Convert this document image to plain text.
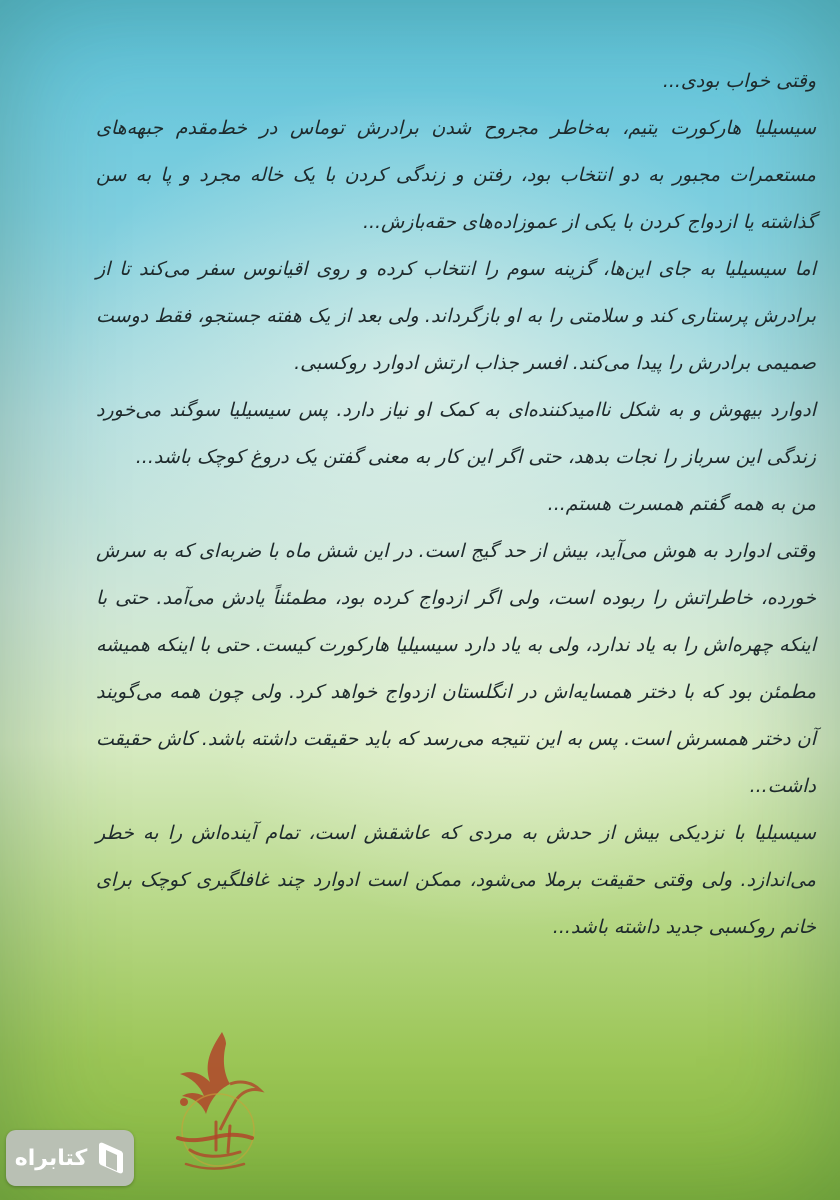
وقتی خواب بودی...

سیسیلیا هارکورت یتیم، به‌خاطر مجروح شدن برادرش توماس در خط‌مقدم جبهه‌های مستعمرات مجبور به دو انتخاب بود، رفتن و زندگی کردن با یک خاله مجرد و پا به سن گذاشته یا ازدواج کردن با یکی از عموزاده‌های حقه‌بازش...

اما سیسیلیا به جای این‌ها، گزینه سوم را انتخاب کرده و روی اقیانوس سفر می‌کند تا از برادرش پرستاری کند و سلامتی را به او بازگرداند. ولی بعد از یک هفته جستجو، فقط دوست صمیمی برادرش را پیدا می‌کند. افسر جذاب ارتش ادوارد روکسبی.

ادوارد بیهوش و به شکل ناامیدکننده‌ای به کمک او نیاز دارد. پس سیسیلیا سوگند می‌خورد زندگی این سرباز را نجات بدهد، حتی اگر این کار به معنی گفتن یک دروغ کوچک باشد...

من به همه گفتم همسرت هستم...

وقتی ادوارد به هوش می‌آید، بیش از حد گیج است. در این شش ماه با ضربه‌ای که به سرش خورده، خاطراتش را ربوده است، ولی اگر ازدواج کرده بود، مطمئناً یادش می‌آمد. حتی با اینکه چهره‌اش را به یاد ندارد، ولی به یاد دارد سیسیلیا هارکورت کیست. حتی با اینکه همیشه مطمئن بود که با دختر همسایه‌اش در انگلستان ازدواج خواهد کرد. ولی چون همه می‌گویند آن دختر همسرش است. پس به این نتیجه می‌رسد که باید حقیقت داشته باشد. کاش حقیقت داشت...

سیسیلیا با نزدیکی بیش از حدش به مردی که عاشقش است، تمام آینده‌اش را به خطر می‌اندازد. ولی وقتی حقیقت برملا می‌شود، ممکن است ادوارد چند غافلگیری کوچک برای خانم روکسبی جدید داشته باشد...

کتابراه
